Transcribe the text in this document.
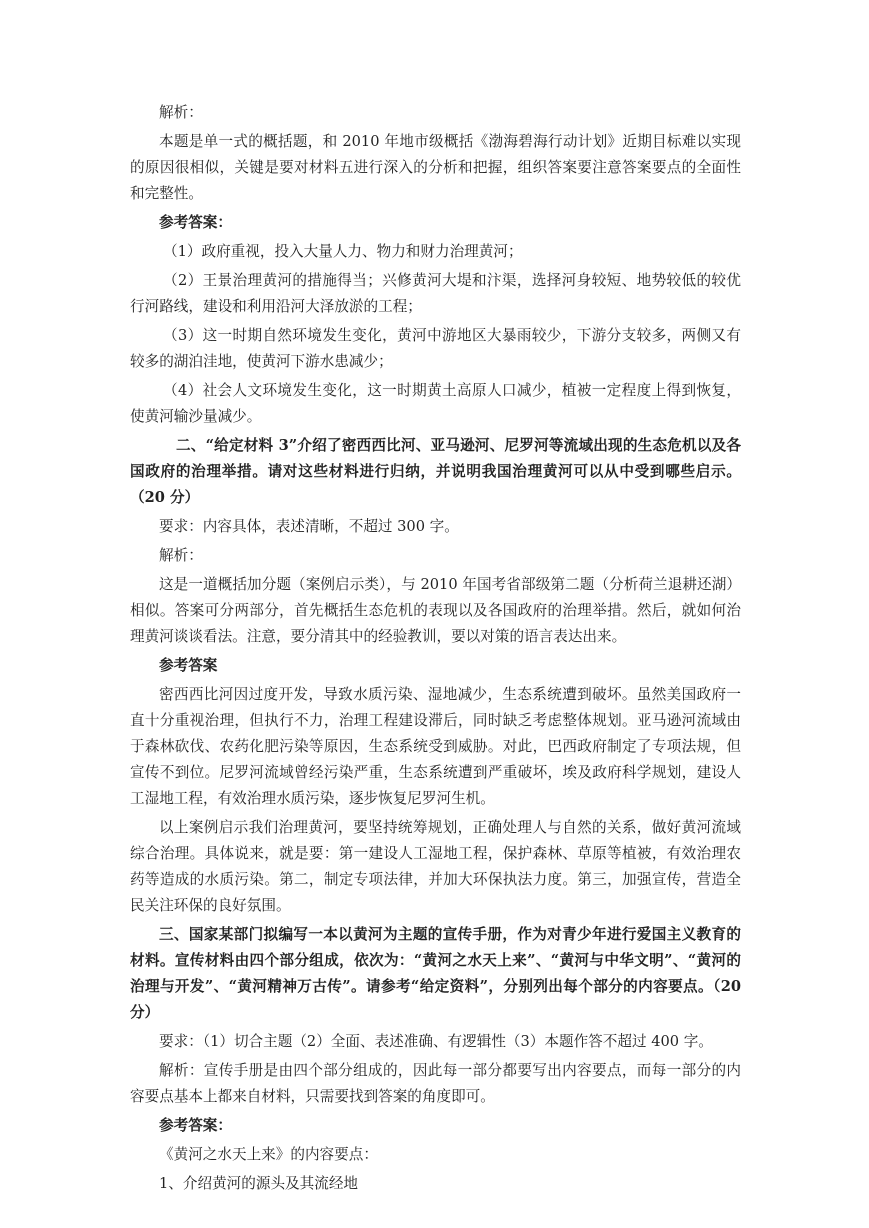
解析：

本题是单一式的概括题，和 2010 年地市级概括《渤海碧海行动计划》近期目标难以实现的原因很相似，关键是要对材料五进行深入的分析和把握，组织答案要注意答案要点的全面性和完整性。

参考答案：

（1）政府重视，投入大量人力、物力和财力治理黄河；

（2）王景治理黄河的措施得当；兴修黄河大堤和汴渠，选择河身较短、地势较低的较优行河路线，建设和利用沿河大泽放淤的工程；

（3）这一时期自然环境发生变化，黄河中游地区大暴雨较少，下游分支较多，两侧又有较多的湖泊洼地，使黄河下游水患减少；

（4）社会人文环境发生变化，这一时期黄土高原人口减少，植被一定程度上得到恢复，使黄河输沙量减少。

二、“给定材料 3”介绍了密西西比河、亚马逊河、尼罗河等流域出现的生态危机以及各国政府的治理举措。请对这些材料进行归纳，并说明我国治理黄河可以从中受到哪些启示。（20 分）

要求：内容具体，表述清晰，不超过 300 字。

解析：

这是一道概括加分题（案例启示类），与 2010 年国考省部级第二题（分析荷兰退耕还湖）相似。答案可分两部分，首先概括生态危机的表现以及各国政府的治理举措。然后，就如何治理黄河谈谈看法。注意，要分清其中的经验教训，要以对策的语言表达出来。

参考答案

密西西比河因过度开发，导致水质污染、湿地减少，生态系统遭到破坏。虽然美国政府一直十分重视治理，但执行不力，治理工程建设滞后，同时缺乏考虑整体规划。亚马逊河流域由于森林砍伐、农药化肥污染等原因，生态系统受到威胁。对此，巴西政府制定了专项法规，但宣传不到位。尼罗河流域曾经污染严重，生态系统遭到严重破坏，埃及政府科学规划，建设人工湿地工程，有效治理水质污染，逐步恢复尼罗河生机。

以上案例启示我们治理黄河，要坚持统筹规划，正确处理人与自然的关系，做好黄河流域综合治理。具体说来，就是要：第一建设人工湿地工程，保护森林、草原等植被，有效治理农药等造成的水质污染。第二，制定专项法律，并加大环保执法力度。第三，加强宣传，营造全民关注环保的良好氛围。

三、国家某部门拟编写一本以黄河为主题的宣传手册，作为对青少年进行爱国主义教育的材料。宣传材料由四个部分组成，依次为：“黄河之水天上来”、“黄河与中华文明”、“黄河的治理与开发”、“黄河精神万古传”。请参考“给定资料”，分别列出每个部分的内容要点。（20 分）

要求：（1）切合主题（2）全面、表述准确、有逻辑性（3）本题作答不超过 400 字。

解析：宣传手册是由四个部分组成的，因此每一部分都要写出内容要点，而每一部分的内容要点基本上都来自材料，只需要找到答案的角度即可。

参考答案：

《黄河之水天上来》的内容要点：

1、介绍黄河的源头及其流经地
